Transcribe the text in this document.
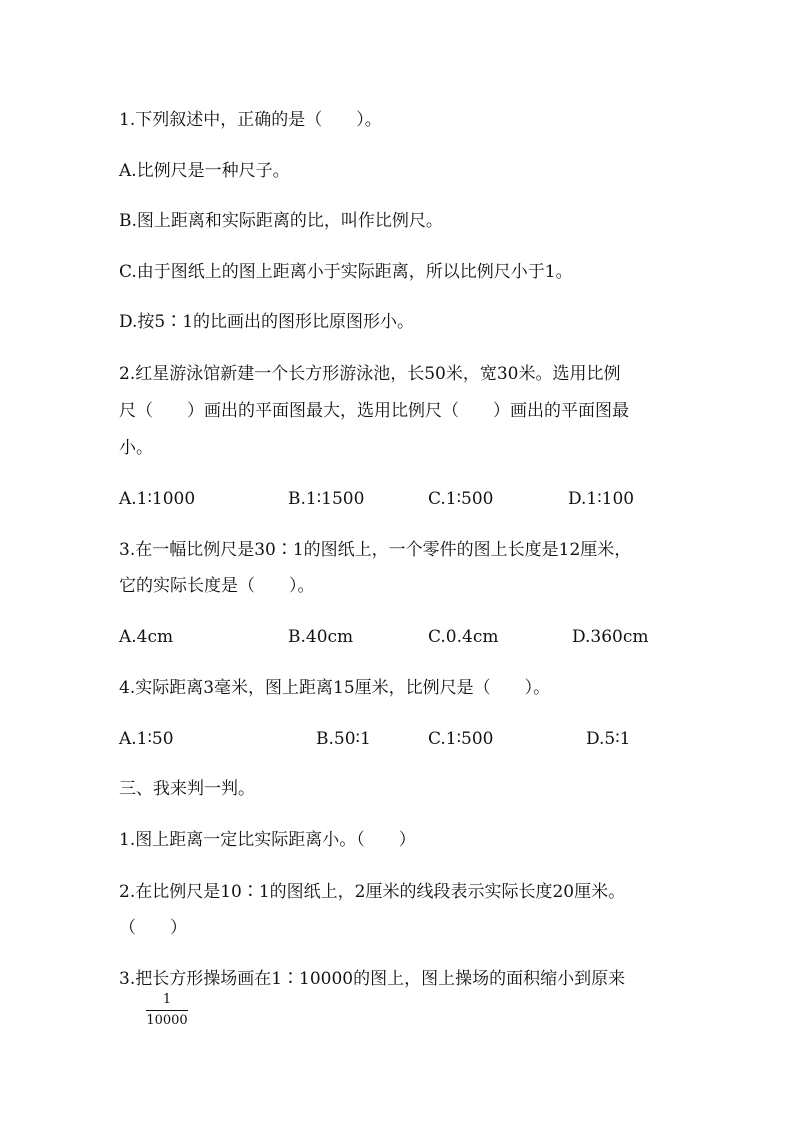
1.下列叙述中，正确的是（　　）。
A.比例尺是一种尺子。
B.图上距离和实际距离的比，叫作比例尺。
C.由于图纸上的图上距离小于实际距离，所以比例尺小于1。
D.按5∶1的比画出的图形比原图形小。
2.红星游泳馆新建一个长方形游泳池，长50米，宽30米。选用比例
尺（　　）画出的平面图最大，选用比例尺（　　）画出的平面图最
小。
A.1∶1000	B.1∶1500	C.1∶500	D.1∶100
3.在一幅比例尺是30∶1的图纸上，一个零件的图上长度是12厘米，
它的实际长度是（　　）。
A.4cm	B.40cm	C.0.4cm	D.360cm
4.实际距离3毫米，图上距离15厘米，比例尺是（　　）。
A.1∶50	B.50∶1	C.1∶500	D.5∶1
三、我来判一判。
1.图上距离一定比实际距离小。（　　）
2.在比例尺是10∶1的图纸上，2厘米的线段表示实际长度20厘米。
（　　）
3.把长方形操场画在1∶10000的图上，图上操场的面积缩小到原来
1
10000
